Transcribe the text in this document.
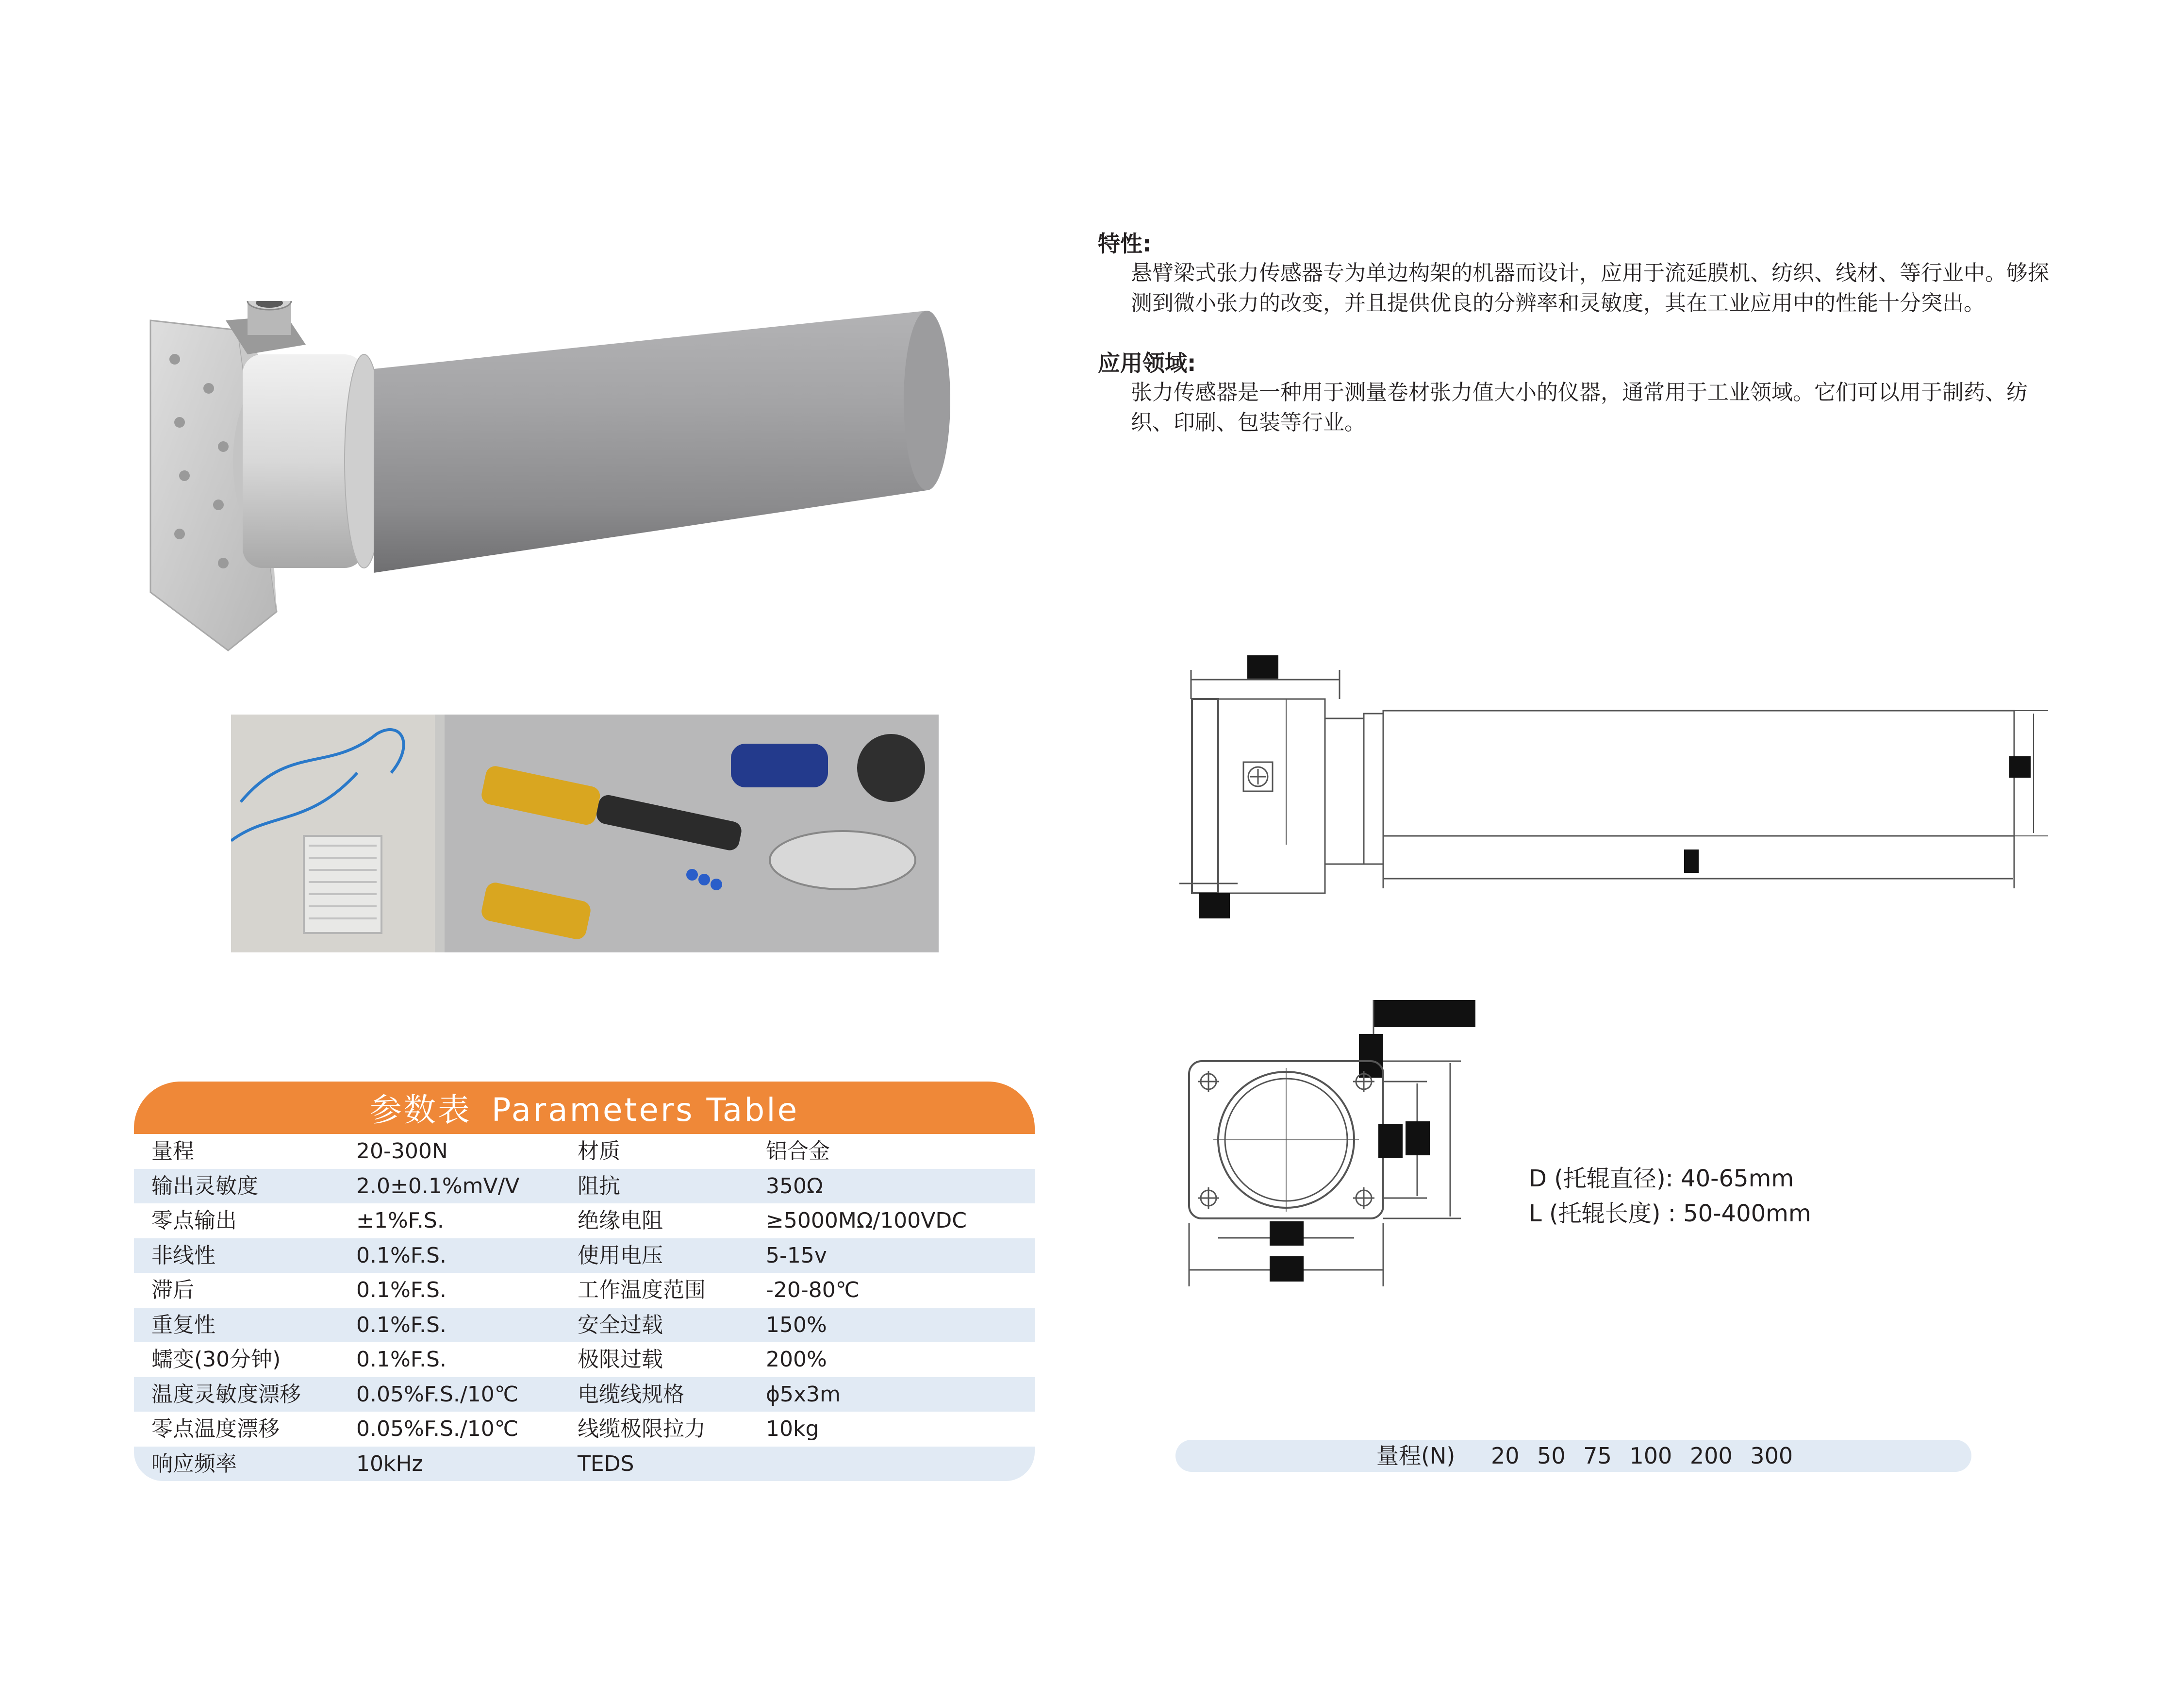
特性:
悬臂梁式张力传感器专为单边构架的机器而设计，应用于流延膜机、纺织、线材、等行业中。够探测到微小张力的改变，并且提供优良的分辨率和灵敏度，其在工业应用中的性能十分突出。
应用领域:
张力传感器是一种用于测量卷材张力值大小的仪器，通常用于工业领域。它们可以用于制药、纺织、印刷、包装等行业。
参数表 Parameters Table
量程	20-300N	材质	铝合金
输出灵敏度	2.0±0.1%mV/V	阻抗	350Ω
零点输出	±1%F.S.	绝缘电阻	≥5000MΩ/100VDC
非线性	0.1%F.S.	使用电压	5-15v
滞后	0.1%F.S.	工作温度范围	-20-80℃
重复性	0.1%F.S.	安全过载	150%
蠕变(30分钟)	0.1%F.S.	极限过载	200%
温度灵敏度漂移	0.05%F.S./10℃	电缆线规格	ϕ5x3m
零点温度漂移	0.05%F.S./10℃	线缆极限拉力	10kg
响应频率	10kHz	TEDS
D (托辊直径): 40-65mm
L (托辊长度) : 50-400mm
量程(N) 20 50 75 100 200 300
